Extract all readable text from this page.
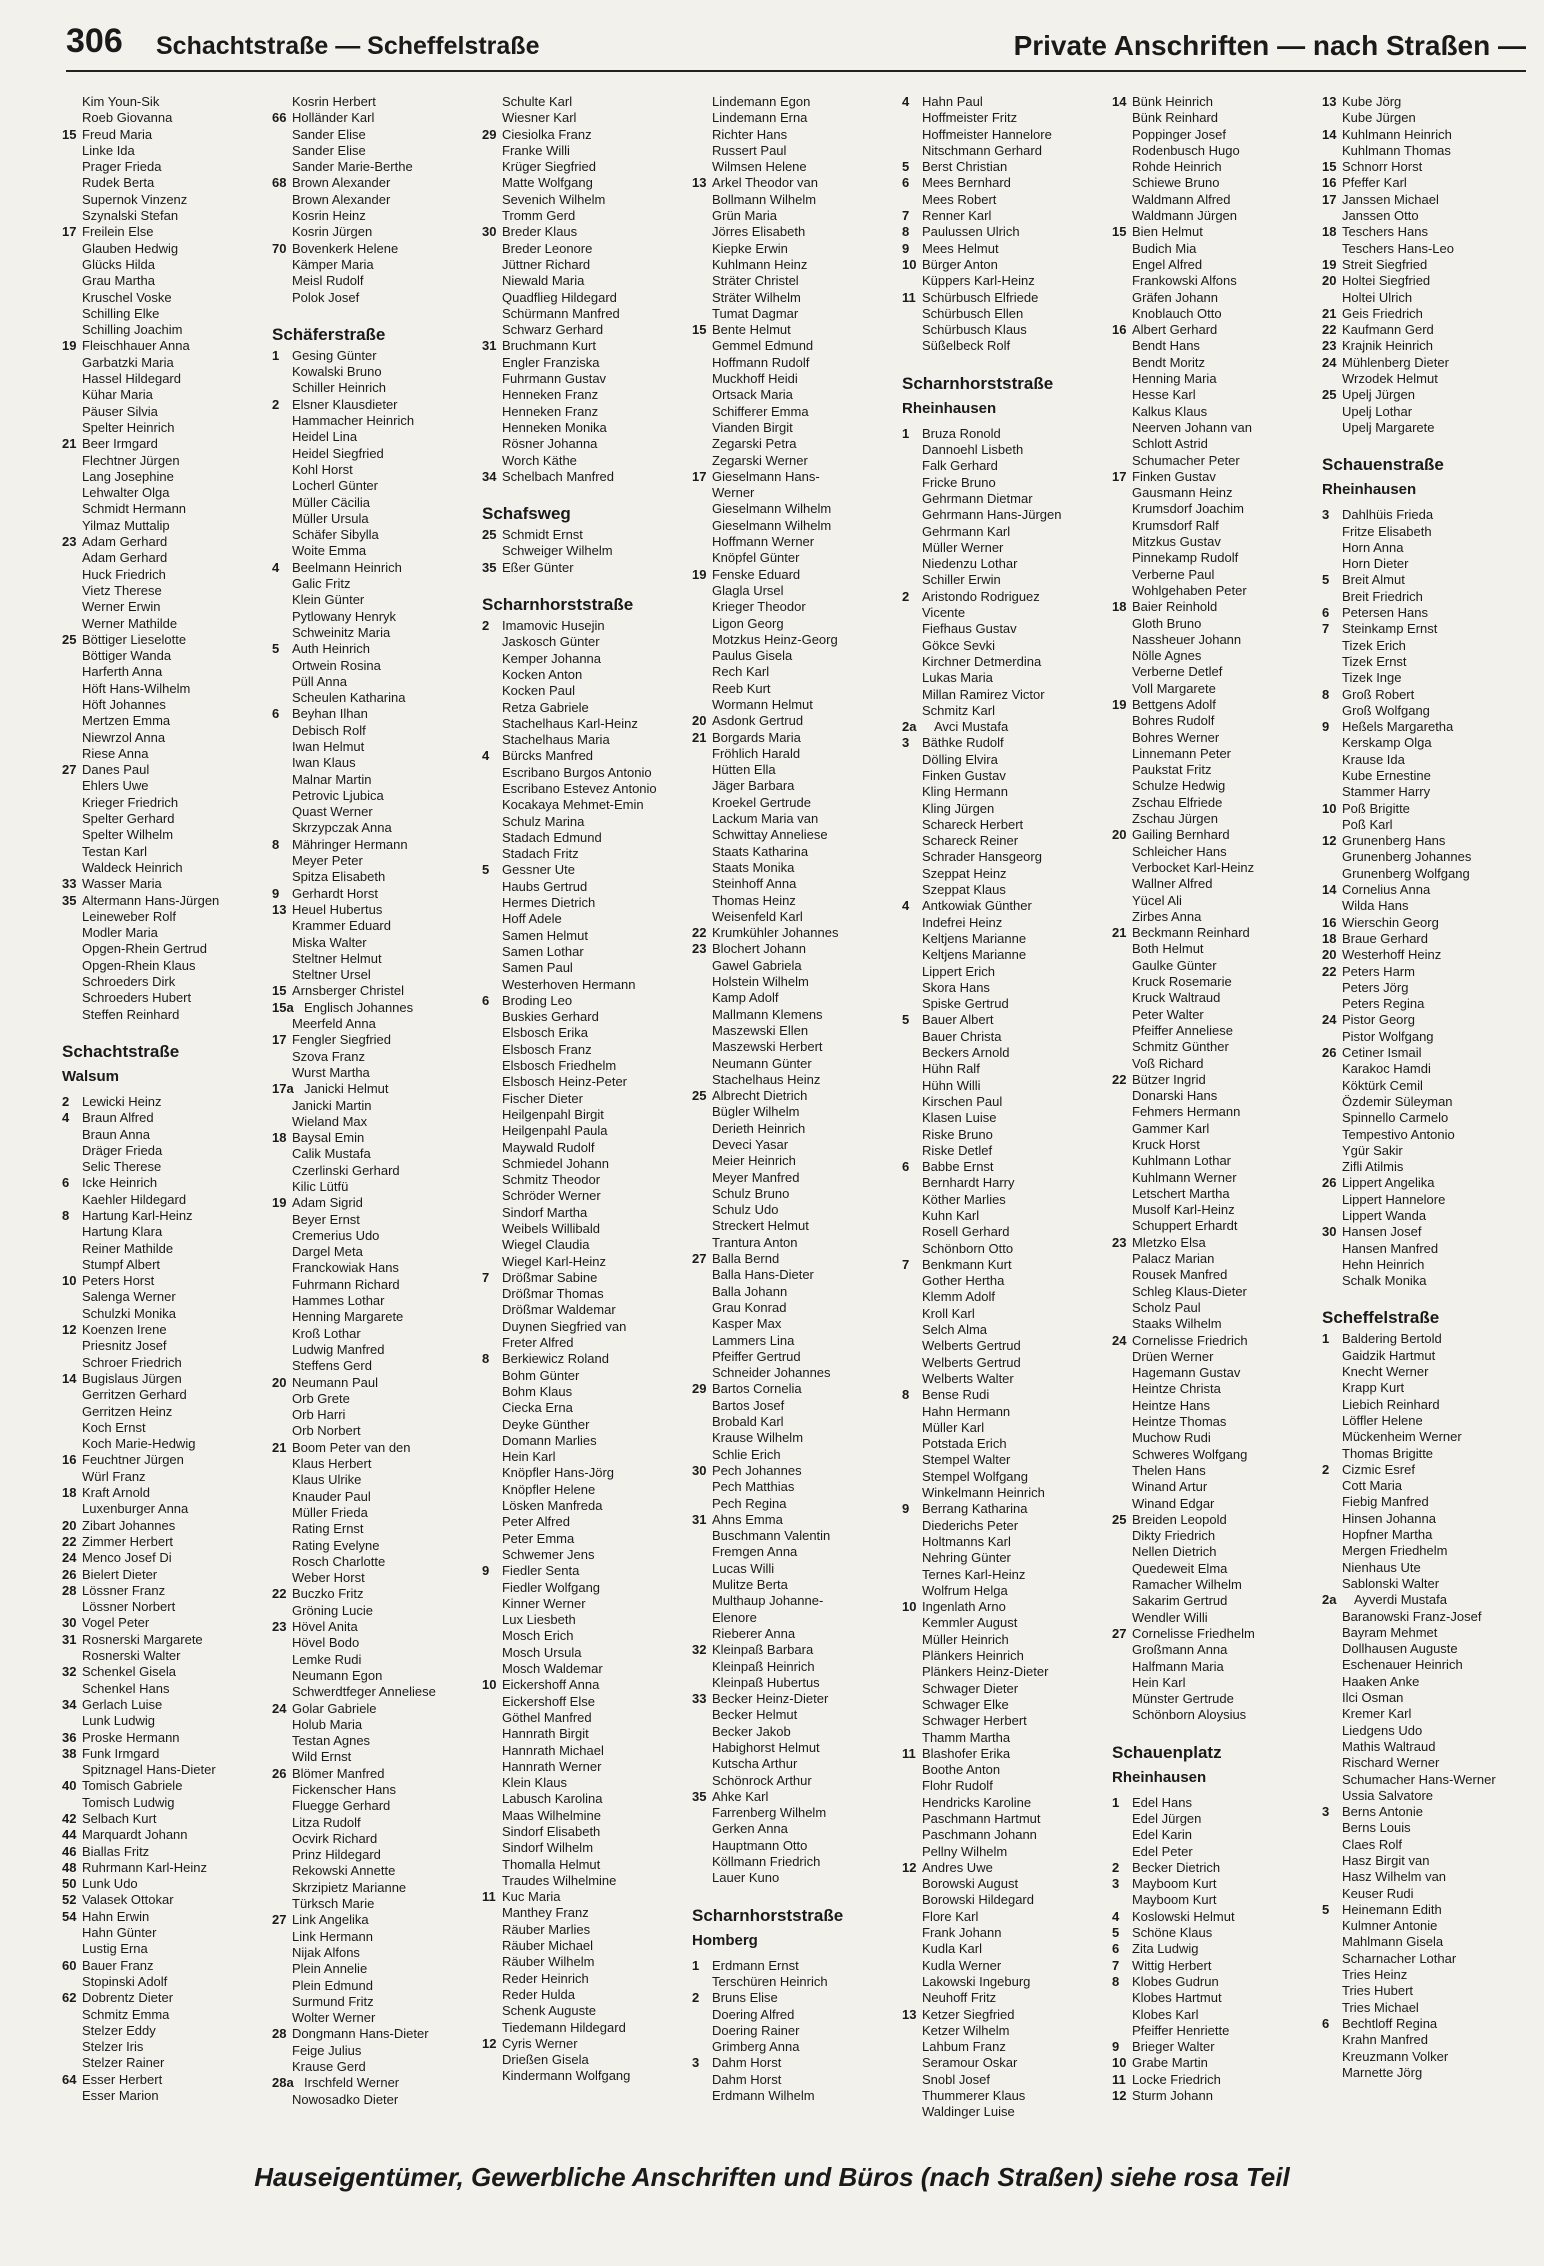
306 Schachtstraße — Scheffelstraße	Private Anschriften — nach Straßen —
Kim Youn-Sik
Roeb Giovanna
15 Freud Maria
Linke Ida
Prager Frieda
Rudek Berta
Supernok Vinzenz
Szynalski Stefan
17 Freilein Else
Glauben Hedwig
Glücks Hilda
Grau Martha
Kruschel Voske
Schilling Elke
Schilling Joachim
19 Fleischhauer Anna
Garbatzki Maria
Hassel Hildegard
Kühar Maria
Päuser Silvia
Spelter Heinrich
21 Beer Irmgard
Flechtner Jürgen
Lang Josephine
Lehwalter Olga
Schmidt Hermann
Yilmaz Muttalip
23 Adam Gerhard
Adam Gerhard
Huck Friedrich
Vietz Therese
Werner Erwin
Werner Mathilde
25 Böttiger Lieselotte
Böttiger Wanda
Harferth Anna
Höft Hans-Wilhelm
Höft Johannes
Mertzen Emma
Niewrzol Anna
Riese Anna
27 Danes Paul
Ehlers Uwe
Krieger Friedrich
Spelter Gerhard
Spelter Wilhelm
Testan Karl
Waldeck Heinrich
33 Wasser Maria
35 Altermann Hans-Jürgen
Leineweber Rolf
Modler Maria
Opgen-Rhein Gertrud
Opgen-Rhein Klaus
Schroeders Dirk
Schroeders Hubert
Steffen Reinhard
Schachtstraße
Walsum
2 Lewicki Heinz
4 Braun Alfred
Braun Anna
Dräger Frieda
Selic Therese
6 Icke Heinrich
Kaehler Hildegard
8 Hartung Karl-Heinz
Hartung Klara
Reiner Mathilde
Stumpf Albert
10 Peters Horst
Salenga Werner
Schulzki Monika
12 Koenzen Irene
Priesnitz Josef
Schroer Friedrich
14 Bugislaus Jürgen
Gerritzen Gerhard
Gerritzen Heinz
Koch Ernst
Koch Marie-Hedwig
16 Feuchtner Jürgen
Würl Franz
18 Kraft Arnold
Luxenburger Anna
20 Zibart Johannes
22 Zimmer Herbert
24 Menco Josef Di
26 Bielert Dieter
28 Lössner Franz
Lössner Norbert
30 Vogel Peter
31 Rosnerski Margarete
Rosnerski Walter
32 Schenkel Gisela
Schenkel Hans
34 Gerlach Luise
Lunk Ludwig
36 Proske Hermann
38 Funk Irmgard
Spitznagel Hans-Dieter
40 Tomisch Gabriele
Tomisch Ludwig
42 Selbach Kurt
44 Marquardt Johann
46 Biallas Fritz
48 Ruhrmann Karl-Heinz
50 Lunk Udo
52 Valasek Ottokar
54 Hahn Erwin
Hahn Günter
Lustig Erna
60 Bauer Franz
Stopinski Adolf
62 Dobrentz Dieter
Schmitz Emma
Stelzer Eddy
Stelzer Iris
Stelzer Rainer
64 Esser Herbert
Esser Marion
Kosrin Herbert
66 Holländer Karl
Sander Elise
Sander Elise
Sander Marie-Berthe
68 Brown Alexander
Brown Alexander
Kosrin Heinz
Kosrin Jürgen
70 Bovenkerk Helene
Kämper Maria
Meisl Rudolf
Polok Josef
Schäferstraße
1 Gesing Günter
Kowalski Bruno
Schiller Heinrich
2 Elsner Klausdieter
Hammacher Heinrich
Heidel Lina
Heidel Siegfried
Kohl Horst
Locherl Günter
Müller Cäcilia
Müller Ursula
Schäfer Sibylla
Woite Emma
4 Beelmann Heinrich
Galic Fritz
Klein Günter
Pytlowany Henryk
Schweinitz Maria
5 Auth Heinrich
Ortwein Rosina
Püll Anna
Scheulen Katharina
6 Beyhan Ilhan
Debisch Rolf
Iwan Helmut
Iwan Klaus
Malnar Martin
Petrovic Ljubica
Quast Werner
Skrzypczak Anna
8 Mähringer Hermann
Meyer Peter
Spitza Elisabeth
9 Gerhardt Horst
13 Heuel Hubertus
Krammer Eduard
Miska Walter
Steltner Helmut
Steltner Ursel
15 Arnsberger Christel
15a Englisch Johannes
Meerfeld Anna
17 Fengler Siegfried
Szova Franz
Wurst Martha
17a Janicki Helmut
Janicki Martin
Wieland Max
18 Baysal Emin
Calik Mustafa
Czerlinski Gerhard
Kilic Lütfü
19 Adam Sigrid
Beyer Ernst
Cremerius Udo
Dargel Meta
Franckowiak Hans
Fuhrmann Richard
Hammes Lothar
Henning Margarete
Kroß Lothar
Ludwig Manfred
Steffens Gerd
20 Neumann Paul
Orb Grete
Orb Harri
Orb Norbert
21 Boom Peter van den
Klaus Herbert
Klaus Ulrike
Knauder Paul
Müller Frieda
Rating Ernst
Rating Evelyne
Rosch Charlotte
Weber Horst
22 Buczko Fritz
Gröning Lucie
23 Hövel Anita
Hövel Bodo
Lemke Rudi
Neumann Egon
Schwerdtfeger Anneliese
24 Golar Gabriele
Holub Maria
Testan Agnes
Wild Ernst
26 Blömer Manfred
Fickenscher Hans
Fluegge Gerhard
Litza Rudolf
Ocvirk Richard
Prinz Hildegard
Rekowski Annette
Skrzipietz Marianne
Türksch Marie
27 Link Angelika
Link Hermann
Nijak Alfons
Plein Annelie
Plein Edmund
Surmund Fritz
Wolter Werner
28 Dongmann Hans-Dieter
Feige Julius
Krause Gerd
28a Irschfeld Werner
Nowosadko Dieter
Schulte Karl
Wiesner Karl
29 Ciesiolka Franz
Franke Willi
Krüger Siegfried
Matte Wolfgang
Sevenich Wilhelm
Tromm Gerd
30 Breder Klaus
Breder Leonore
Jüttner Richard
Niewald Maria
Quadflieg Hildegard
Schürmann Manfred
Schwarz Gerhard
31 Bruchmann Kurt
Engler Franziska
Fuhrmann Gustav
Henneken Franz
Henneken Franz
Henneken Monika
Rösner Johanna
Worch Käthe
34 Schelbach Manfred
Schafsweg
25 Schmidt Ernst
Schweiger Wilhelm
35 Eßer Günter
Scharnhorststraße
2 Imamovic Husejin
Jaskosch Günter
Kemper Johanna
Kocken Anton
Kocken Paul
Retza Gabriele
Stachelhaus Karl-Heinz
Stachelhaus Maria
4 Bürcks Manfred
Escribano Burgos Antonio
Escribano Estevez Antonio
Kocakaya Mehmet-Emin
Schulz Marina
Stadach Edmund
Stadach Fritz
5 Gessner Ute
Haubs Gertrud
Hermes Dietrich
Hoff Adele
Samen Helmut
Samen Lothar
Samen Paul
Westerhoven Hermann
6 Broding Leo
Buskies Gerhard
Elsbosch Erika
Elsbosch Franz
Elsbosch Friedhelm
Elsbosch Heinz-Peter
Fischer Dieter
Heilgenpahl Birgit
Heilgenpahl Paula
Maywald Rudolf
Schmiedel Johann
Schmitz Theodor
Schröder Werner
Sindorf Martha
Weibels Willibald
Wiegel Claudia
Wiegel Karl-Heinz
7 Drößmar Sabine
Drößmar Thomas
Drößmar Waldemar
Duynen Siegfried van
Freter Alfred
8 Berkiewicz Roland
Bohm Günter
Bohm Klaus
Ciecka Erna
Deyke Günther
Domann Marlies
Hein Karl
Knöpfler Hans-Jörg
Knöpfler Helene
Lösken Manfreda
Peter Alfred
Peter Emma
Schwemer Jens
9 Fiedler Senta
Fiedler Wolfgang
Kinner Werner
Lux Liesbeth
Mosch Erich
Mosch Ursula
Mosch Waldemar
10 Eickershoff Anna
Eickershoff Else
Göthel Manfred
Hannrath Birgit
Hannrath Michael
Hannrath Werner
Klein Klaus
Labusch Karolina
Maas Wilhelmine
Sindorf Elisabeth
Sindorf Wilhelm
Thomalla Helmut
Traudes Wilhelmine
11 Kuc Maria
Manthey Franz
Räuber Marlies
Räuber Michael
Räuber Wilhelm
Reder Heinrich
Reder Hulda
Schenk Auguste
Tiedemann Hildegard
12 Cyris Werner
Drießen Gisela
Kindermann Wolfgang
Lindemann Egon
Lindemann Erna
Richter Hans
Russert Paul
Wilmsen Helene
13 Arkel Theodor van
Bollmann Wilhelm
Grün Maria
Jörres Elisabeth
Kiepke Erwin
Kuhlmann Heinz
Sträter Christel
Sträter Wilhelm
Tumat Dagmar
15 Bente Helmut
Gemmel Edmund
Hoffmann Rudolf
Muckhoff Heidi
Ortsack Maria
Schifferer Emma
Vianden Birgit
Zegarski Petra
Zegarski Werner
17 Gieselmann Hans-
Werner
Gieselmann Wilhelm
Gieselmann Wilhelm
Hoffmann Werner
Knöpfel Günter
19 Fenske Eduard
Glagla Ursel
Krieger Theodor
Ligon Georg
Motzkus Heinz-Georg
Paulus Gisela
Rech Karl
Reeb Kurt
Wormann Helmut
20 Asdonk Gertrud
21 Borgards Maria
Fröhlich Harald
Hütten Ella
Jäger Barbara
Kroekel Gertrude
Lackum Maria van
Schwittay Anneliese
Staats Katharina
Staats Monika
Steinhoff Anna
Thomas Heinz
Weisenfeld Karl
22 Krumkühler Johannes
23 Blochert Johann
Gawel Gabriela
Holstein Wilhelm
Kamp Adolf
Mallmann Klemens
Maszewski Ellen
Maszewski Herbert
Neumann Günter
Stachelhaus Heinz
25 Albrecht Dietrich
Bügler Wilhelm
Derieth Heinrich
Deveci Yasar
Meier Heinrich
Meyer Manfred
Schulz Bruno
Schulz Udo
Streckert Helmut
Trantura Anton
27 Balla Bernd
Balla Hans-Dieter
Balla Johann
Grau Konrad
Kasper Max
Lammers Lina
Pfeiffer Gertrud
Schneider Johannes
29 Bartos Cornelia
Bartos Josef
Brobald Karl
Krause Wilhelm
Schlie Erich
30 Pech Johannes
Pech Matthias
Pech Regina
31 Ahns Emma
Buschmann Valentin
Fremgen Anna
Lucas Willi
Mulitze Berta
Multhaup Johanne-
Elenore
Rieberer Anna
32 Kleinpaß Barbara
Kleinpaß Heinrich
Kleinpaß Hubertus
33 Becker Heinz-Dieter
Becker Helmut
Becker Jakob
Habighorst Helmut
Kutscha Arthur
Schönrock Arthur
35 Ahke Karl
Farrenberg Wilhelm
Gerken Anna
Hauptmann Otto
Köllmann Friedrich
Lauer Kuno
Scharnhorststraße
Homberg
1 Erdmann Ernst
Terschüren Heinrich
2 Bruns Elise
Doering Alfred
Doering Rainer
Grimberg Anna
3 Dahm Horst
Dahm Horst
Erdmann Wilhelm
4 Hahn Paul
Hoffmeister Fritz
Hoffmeister Hannelore
Nitschmann Gerhard
5 Berst Christian
6 Mees Bernhard
Mees Robert
7 Renner Karl
8 Paulussen Ulrich
9 Mees Helmut
10 Bürger Anton
Küppers Karl-Heinz
11 Schürbusch Elfriede
Schürbusch Ellen
Schürbusch Klaus
Süßelbeck Rolf
Scharnhorststraße
Rheinhausen
1 Bruza Ronold
Dannoehl Lisbeth
Falk Gerhard
Fricke Bruno
Gehrmann Dietmar
Gehrmann Hans-Jürgen
Gehrmann Karl
Müller Werner
Niedenzu Lothar
Schiller Erwin
2 Aristondo Rodriguez
Vicente
Fiefhaus Gustav
Gökce Sevki
Kirchner Detmerdina
Lukas Maria
Millan Ramirez Victor
Schmitz Karl
2a Avci Mustafa
3 Bäthke Rudolf
Dölling Elvira
Finken Gustav
Kling Hermann
Kling Jürgen
Schareck Herbert
Schareck Reiner
Schrader Hansgeorg
Szeppat Heinz
Szeppat Klaus
4 Antkowiak Günther
Indefrei Heinz
Keltjens Marianne
Keltjens Marianne
Lippert Erich
Skora Hans
Spiske Gertrud
5 Bauer Albert
Bauer Christa
Beckers Arnold
Hühn Ralf
Hühn Willi
Kirschen Paul
Klasen Luise
Riske Bruno
Riske Detlef
6 Babbe Ernst
Bernhardt Harry
Köther Marlies
Kuhn Karl
Rosell Gerhard
Schönborn Otto
7 Benkmann Kurt
Gother Hertha
Klemm Adolf
Kroll Karl
Selch Alma
Welberts Gertrud
Welberts Gertrud
Welberts Walter
8 Bense Rudi
Hahn Hermann
Müller Karl
Potstada Erich
Stempel Walter
Stempel Wolfgang
Winkelmann Heinrich
9 Berrang Katharina
Diederichs Peter
Holtmanns Karl
Nehring Günter
Ternes Karl-Heinz
Wolfrum Helga
10 Ingenlath Arno
Kemmler August
Müller Heinrich
Plänkers Heinrich
Plänkers Heinz-Dieter
Schwager Dieter
Schwager Elke
Schwager Herbert
Thamm Martha
11 Blashofer Erika
Boothe Anton
Flohr Rudolf
Hendricks Karoline
Paschmann Hartmut
Paschmann Johann
Pellny Wilhelm
12 Andres Uwe
Borowski August
Borowski Hildegard
Flore Karl
Frank Johann
Kudla Karl
Kudla Werner
Lakowski Ingeburg
Neuhoff Fritz
13 Ketzer Siegfried
Ketzer Wilhelm
Lahbum Franz
Seramour Oskar
Snobl Josef
Thummerer Klaus
Waldinger Luise
14 Bünk Heinrich
Bünk Reinhard
Poppinger Josef
Rodenbusch Hugo
Rohde Heinrich
Schiewe Bruno
Waldmann Alfred
Waldmann Jürgen
15 Bien Helmut
Budich Mia
Engel Alfred
Frankowski Alfons
Gräfen Johann
Knoblauch Otto
16 Albert Gerhard
Bendt Hans
Bendt Moritz
Henning Maria
Hesse Karl
Kalkus Klaus
Neerven Johann van
Schlott Astrid
Schumacher Peter
17 Finken Gustav
Gausmann Heinz
Krumsdorf Joachim
Krumsdorf Ralf
Mitzkus Gustav
Pinnekamp Rudolf
Verberne Paul
Wohlgehaben Peter
18 Baier Reinhold
Gloth Bruno
Nassheuer Johann
Nölle Agnes
Verberne Detlef
Voll Margarete
19 Bettgens Adolf
Bohres Rudolf
Bohres Werner
Linnemann Peter
Paukstat Fritz
Schulze Hedwig
Zschau Elfriede
Zschau Jürgen
20 Gailing Bernhard
Schleicher Hans
Verbocket Karl-Heinz
Wallner Alfred
Yücel Ali
Zirbes Anna
21 Beckmann Reinhard
Both Helmut
Gaulke Günter
Kruck Rosemarie
Kruck Waltraud
Peter Walter
Pfeiffer Anneliese
Schmitz Günther
Voß Richard
22 Bützer Ingrid
Donarski Hans
Fehmers Hermann
Gammer Karl
Kruck Horst
Kuhlmann Lothar
Kuhlmann Werner
Letschert Martha
Musolf Karl-Heinz
Schuppert Erhardt
23 Mletzko Elsa
Palacz Marian
Rousek Manfred
Schleg Klaus-Dieter
Scholz Paul
Staaks Wilhelm
24 Cornelisse Friedrich
Drüen Werner
Hagemann Gustav
Heintze Christa
Heintze Hans
Heintze Thomas
Muchow Rudi
Schweres Wolfgang
Thelen Hans
Winand Artur
Winand Edgar
25 Breiden Leopold
Dikty Friedrich
Nellen Dietrich
Quedeweit Elma
Ramacher Wilhelm
Sakarim Gertrud
Wendler Willi
27 Cornelisse Friedhelm
Großmann Anna
Halfmann Maria
Hein Karl
Münster Gertrude
Schönborn Aloysius
Schauenplatz
Rheinhausen
1 Edel Hans
Edel Jürgen
Edel Karin
Edel Peter
2 Becker Dietrich
3 Mayboom Kurt
Mayboom Kurt
4 Koslowski Helmut
5 Schöne Klaus
6 Zita Ludwig
7 Wittig Herbert
8 Klobes Gudrun
Klobes Hartmut
Klobes Karl
Pfeiffer Henriette
9 Brieger Walter
10 Grabe Martin
11 Locke Friedrich
12 Sturm Johann
13 Kube Jörg
Kube Jürgen
14 Kuhlmann Heinrich
Kuhlmann Thomas
15 Schnorr Horst
16 Pfeffer Karl
17 Janssen Michael
Janssen Otto
18 Teschers Hans
Teschers Hans-Leo
19 Streit Siegfried
20 Holtei Siegfried
Holtei Ulrich
21 Geis Friedrich
22 Kaufmann Gerd
23 Krajnik Heinrich
24 Mühlenberg Dieter
Wrzodek Helmut
25 Upelj Jürgen
Upelj Lothar
Upelj Margarete
Schauenstraße
Rheinhausen
3 Dahlhüis Frieda
Fritze Elisabeth
Horn Anna
Horn Dieter
5 Breit Almut
Breit Friedrich
6 Petersen Hans
7 Steinkamp Ernst
Tizek Erich
Tizek Ernst
Tizek Inge
8 Groß Robert
Groß Wolfgang
9 Heßels Margaretha
Kerskamp Olga
Krause Ida
Kube Ernestine
Stammer Harry
10 Poß Brigitte
Poß Karl
12 Grunenberg Hans
Grunenberg Johannes
Grunenberg Wolfgang
14 Cornelius Anna
Wilda Hans
16 Wierschin Georg
18 Braue Gerhard
20 Westerhoff Heinz
22 Peters Harm
Peters Jörg
Peters Regina
24 Pistor Georg
Pistor Wolfgang
26 Cetiner Ismail
Karakoc Hamdi
Köktürk Cemil
Özdemir Süleyman
Spinnello Carmelo
Tempestivo Antonio
Ygür Sakir
Zifli Atilmis
26 Lippert Angelika
Lippert Hannelore
Lippert Wanda
30 Hansen Josef
Hansen Manfred
Hehn Heinrich
Schalk Monika
Scheffelstraße
1 Baldering Bertold
Gaidzik Hartmut
Knecht Werner
Krapp Kurt
Liebich Reinhard
Löffler Helene
Mückenheim Werner
Thomas Brigitte
2 Cizmic Esref
Cott Maria
Fiebig Manfred
Hinsen Johanna
Hopfner Martha
Mergen Friedhelm
Nienhaus Ute
Sablonski Walter
2a Ayverdi Mustafa
Baranowski Franz-Josef
Bayram Mehmet
Dollhausen Auguste
Eschenauer Heinrich
Haaken Anke
Ilci Osman
Kremer Karl
Liedgens Udo
Mathis Waltraud
Rischard Werner
Schumacher Hans-Werner
Ussia Salvatore
3 Berns Antonie
Berns Louis
Claes Rolf
Hasz Birgit van
Hasz Wilhelm van
Keuser Rudi
5 Heinemann Edith
Kulmner Antonie
Mahlmann Gisela
Scharnacher Lothar
Tries Heinz
Tries Hubert
Tries Michael
6 Bechtloff Regina
Krahn Manfred
Kreuzmann Volker
Marnette Jörg
Hauseigentümer, Gewerbliche Anschriften und Büros (nach Straßen) siehe rosa Teil
